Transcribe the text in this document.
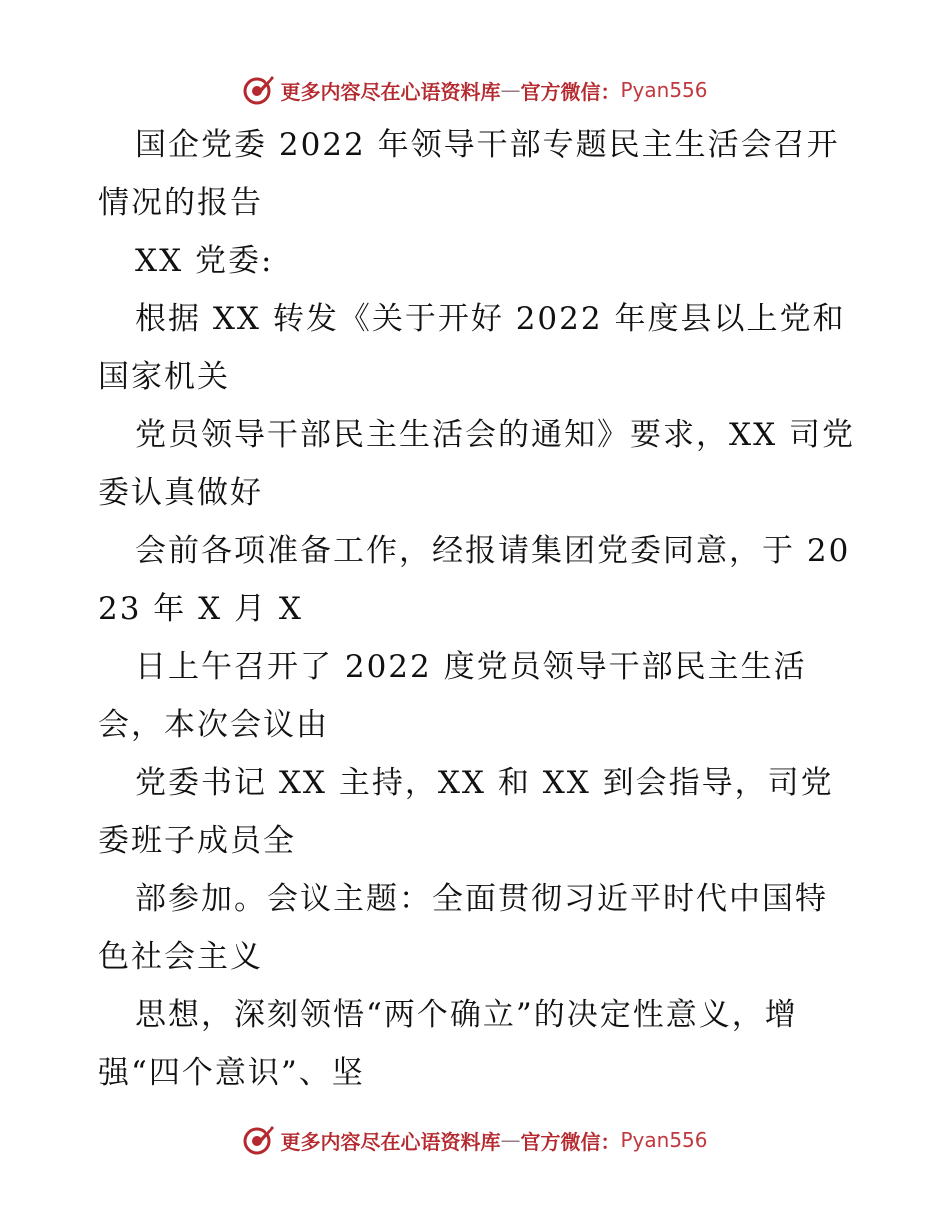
更多内容尽在心语资料库 — 官方微信： Pyan556

国企党委 2022 年领导干部专题民主生活会召开情况的报告

XX 党委:

根据 XX 转发《关于开好 2022 年度县以上党和国家机关

党员领导干部民主生活会的通知》要求，XX 司党委认真做好

会前各项准备工作，经报请集团党委同意，于 2023 年 X 月 X

日上午召开了 2022 度党员领导干部民主生活会，本次会议由

党委书记 XX 主持，XX 和 XX 到会指导，司党委班子成员全

部参加。会议主题：全面贯彻习近平时代中国特色社会主义

思想，深刻领悟“两个确立”的决定性意义，增强“四个意识”、坚

更多内容尽在心语资料库 — 官方微信： Pyan556
